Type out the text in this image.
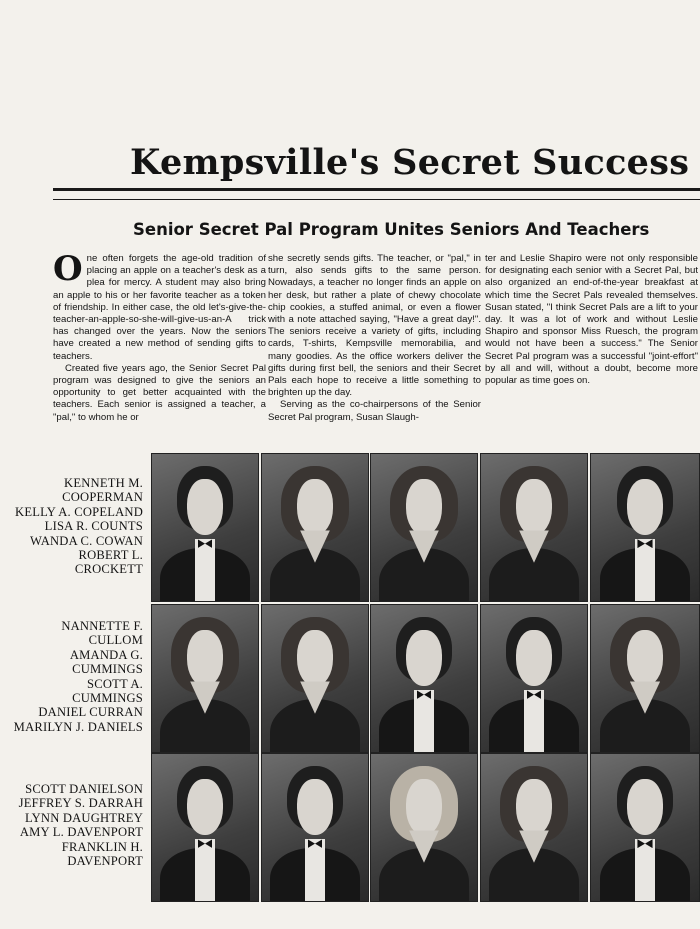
Kempsville's Secret Success
Senior Secret Pal Program Unites Seniors And Teachers

One often forgets the age-old tradition of placing an apple on a teacher's desk as a plea for mercy. A student may also bring an apple to his or her favorite teacher as a token of friendship. In either case, the old let's-give-the-teacher-an-apple-so-she-will-give-us-an-A trick has changed over the years. Now the seniors have created a new method of sending gifts to teachers.

Created five years ago, the Senior Secret Pal program was designed to give the seniors an opportunity to get better acquainted with the teachers. Each senior is assigned a teacher, a "pal," to whom he or

she secretly sends gifts. The teacher, or "pal," in turn, also sends gifts to the same person. Nowadays, a teacher no longer finds an apple on her desk, but rather a plate of chewy chocolate chip cookies, a stuffed animal, or even a flower with a note attached saying, "Have a great day!". The seniors receive a variety of gifts, including cards, T-shirts, Kempsville memorabilia, and many goodies. As the office workers deliver the gifts during first bell, the seniors and their Secret Pals each hope to receive a little something to brighten up the day.

Serving as the co-chairpersons of the Senior Secret Pal program, Susan Slaugh-

ter and Leslie Shapiro were not only responsible for designating each senior with a Secret Pal, but also organized an end-of-the-year breakfast at which time the Secret Pals revealed themselves. Susan stated, "I think Secret Pals are a lift to your day. It was a lot of work and without Leslie Shapiro and sponsor Miss Ruesch, the program would not have been a success." The Senior Secret Pal program was a successful "joint-effort" by all and will, without a doubt, become more popular as time goes on.

KENNETH M.
COOPERMAN
KELLY A. COPELAND
LISA R. COUNTS
WANDA C. COWAN
ROBERT L.
CROCKETT
NANNETTE F.
CULLOM
AMANDA G.
CUMMINGS
SCOTT A.
CUMMINGS
DANIEL CURRAN
MARILYN J. DANIELS
SCOTT DANIELSON
JEFFREY S. DARRAH
LYNN DAUGHTREY
AMY L. DAVENPORT
FRANKLIN H.
DAVENPORT
